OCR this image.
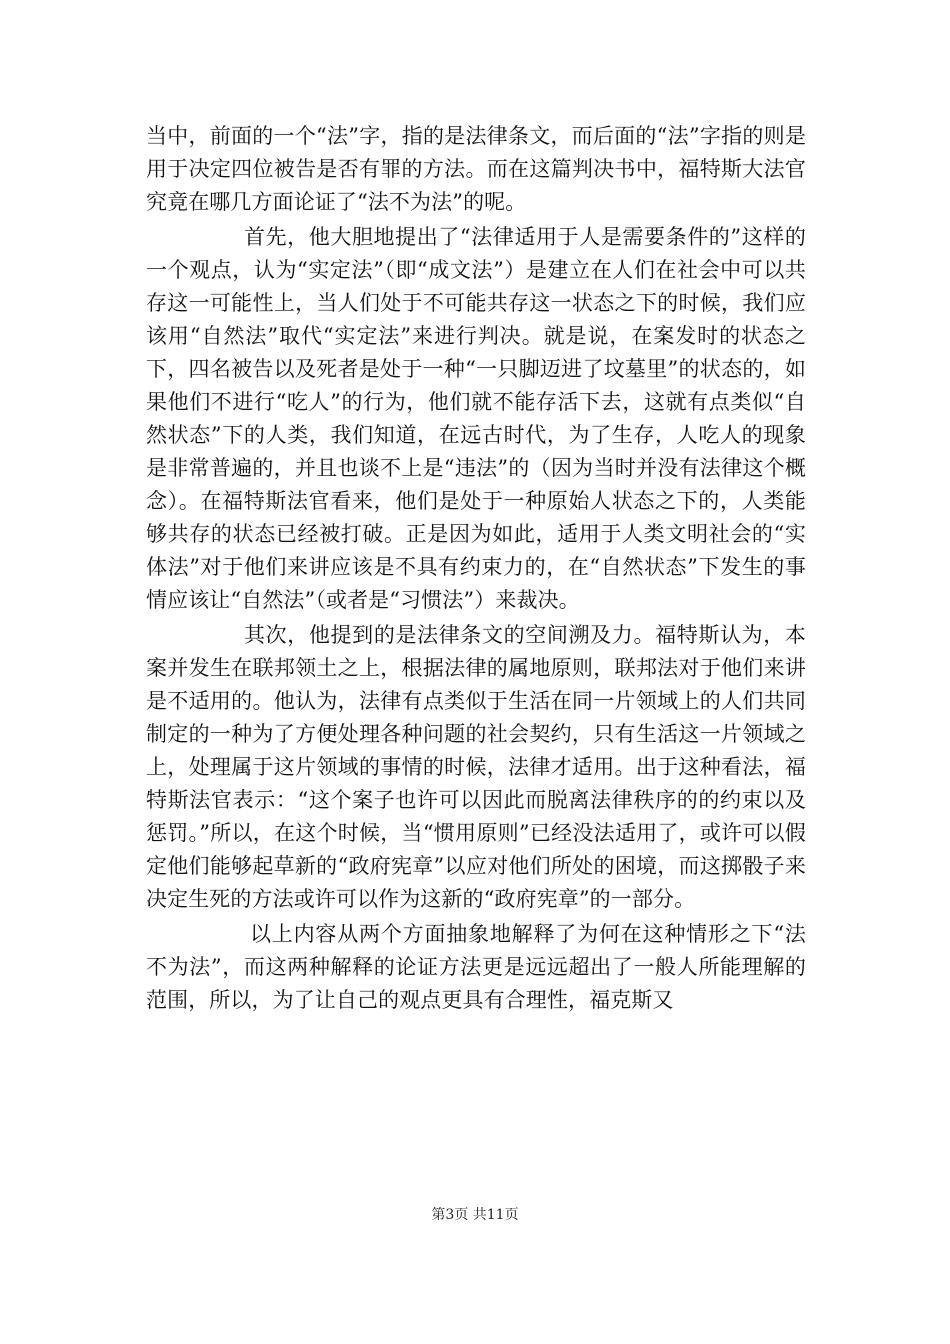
当中，前面的一个“法”字，指的是法律条文，而后面的“法”字指的则是用于决定四位被告是否有罪的方法。而在这篇判决书中，福特斯大法官究竟在哪几方面论证了“法不为法”的呢。

首先，他大胆地提出了“法律适用于人是需要条件的”这样的一个观点，认为“实定法”（即“成文法”）是建立在人们在社会中可以共存这一可能性上，当人们处于不可能共存这一状态之下的时候，我们应该用“自然法”取代“实定法”来进行判决。就是说，在案发时的状态之下，四名被告以及死者是处于一种“一只脚迈进了坟墓里”的状态的，如果他们不进行“吃人”的行为，他们就不能存活下去，这就有点类似“自然状态”下的人类，我们知道，在远古时代，为了生存，人吃人的现象是非常普遍的，并且也谈不上是“违法”的（因为当时并没有法律这个概念）。在福特斯法官看来，他们是处于一种原始人状态之下的，人类能够共存的状态已经被打破。正是因为如此，适用于人类文明社会的“实体法”对于他们来讲应该是不具有约束力的，在“自然状态”下发生的事情应该让“自然法”（或者是“习惯法”）来裁决。

其次，他提到的是法律条文的空间溯及力。福特斯认为，本案并发生在联邦领土之上，根据法律的属地原则，联邦法对于他们来讲是不适用的。他认为，法律有点类似于生活在同一片领域上的人们共同制定的一种为了方便处理各种问题的社会契约，只有生活这一片领域之上，处理属于这片领域的事情的时候，法律才适用。出于这种看法，福特斯法官表示：“这个案子也许可以因此而脱离法律秩序的的约束以及惩罚。”所以，在这个时候，当“惯用原则”已经没法适用了，或许可以假定他们能够起草新的“政府宪章”以应对他们所处的困境，而这掷骰子来决定生死的方法或许可以作为这新的“政府宪章”的一部分。

以上内容从两个方面抽象地解释了为何在这种情形之下“法不为法”，而这两种解释的论证方法更是远远超出了一般人所能理解的范围，所以，为了让自己的观点更具有合理性，福克斯又

第3页 共11页
